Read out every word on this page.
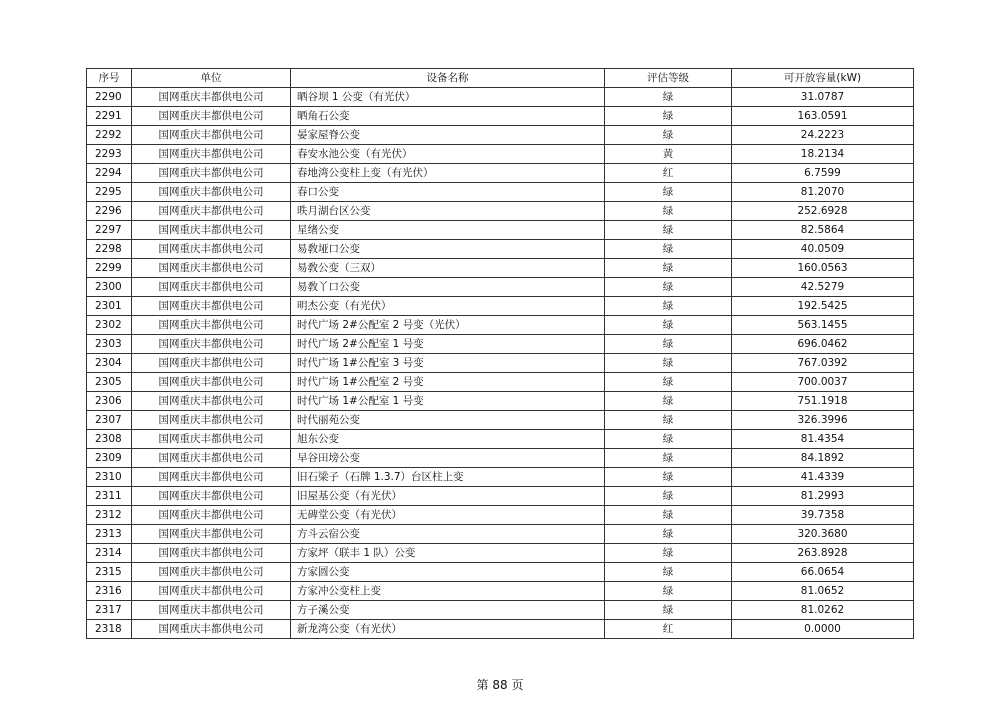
序号	单位	设备名称	评估等级	可开放容量(kW)
2290	国网重庆丰都供电公司	晒谷坝 1 公变（有光伏）	绿	31.0787
2291	国网重庆丰都供电公司	晒角石公变	绿	163.0591
2292	国网重庆丰都供电公司	晏家屋脊公变	绿	24.2223
2293	国网重庆丰都供电公司	春安水池公变（有光伏）	黄	18.2134
2294	国网重庆丰都供电公司	春地湾公变柱上变（有光伏）	红	6.7599
2295	国网重庆丰都供电公司	春口公变	绿	81.2070
2296	国网重庆丰都供电公司	昳月湖台区公变	绿	252.6928
2297	国网重庆丰都供电公司	星绪公变	绿	82.5864
2298	国网重庆丰都供电公司	易敎垭口公变	绿	40.0509
2299	国网重庆丰都供电公司	易敎公变（三双）	绿	160.0563
2300	国网重庆丰都供电公司	易敎丫口公变	绿	42.5279
2301	国网重庆丰都供电公司	明杰公变（有光伏）	绿	192.5425
2302	国网重庆丰都供电公司	时代广场 2#公配室 2 号变（光伏）	绿	563.1455
2303	国网重庆丰都供电公司	时代广场 2#公配室 1 号变	绿	696.0462
2304	国网重庆丰都供电公司	时代广场 1#公配室 3 号变	绿	767.0392
2305	国网重庆丰都供电公司	时代广场 1#公配室 2 号变	绿	700.0037
2306	国网重庆丰都供电公司	时代广场 1#公配室 1 号变	绿	751.1918
2307	国网重庆丰都供电公司	时代丽苑公变	绿	326.3996
2308	国网重庆丰都供电公司	旭东公变	绿	81.4354
2309	国网重庆丰都供电公司	早谷田塝公变	绿	84.1892
2310	国网重庆丰都供电公司	旧石梁子（石牌 1.3.7）台区柱上变	绿	41.4339
2311	国网重庆丰都供电公司	旧屋基公变（有光伏）	绿	81.2993
2312	国网重庆丰都供电公司	无碑堂公变（有光伏）	绿	39.7358
2313	国网重庆丰都供电公司	方斗云宿公变	绿	320.3680
2314	国网重庆丰都供电公司	方家坪（联丰 1 队）公变	绿	263.8928
2315	国网重庆丰都供电公司	方家圆公变	绿	66.0654
2316	国网重庆丰都供电公司	方家冲公变柱上变	绿	81.0652
2317	国网重庆丰都供电公司	方子溪公变	绿	81.0262
2318	国网重庆丰都供电公司	新龙湾公变（有光伏）	红	0.0000
第 88 页
